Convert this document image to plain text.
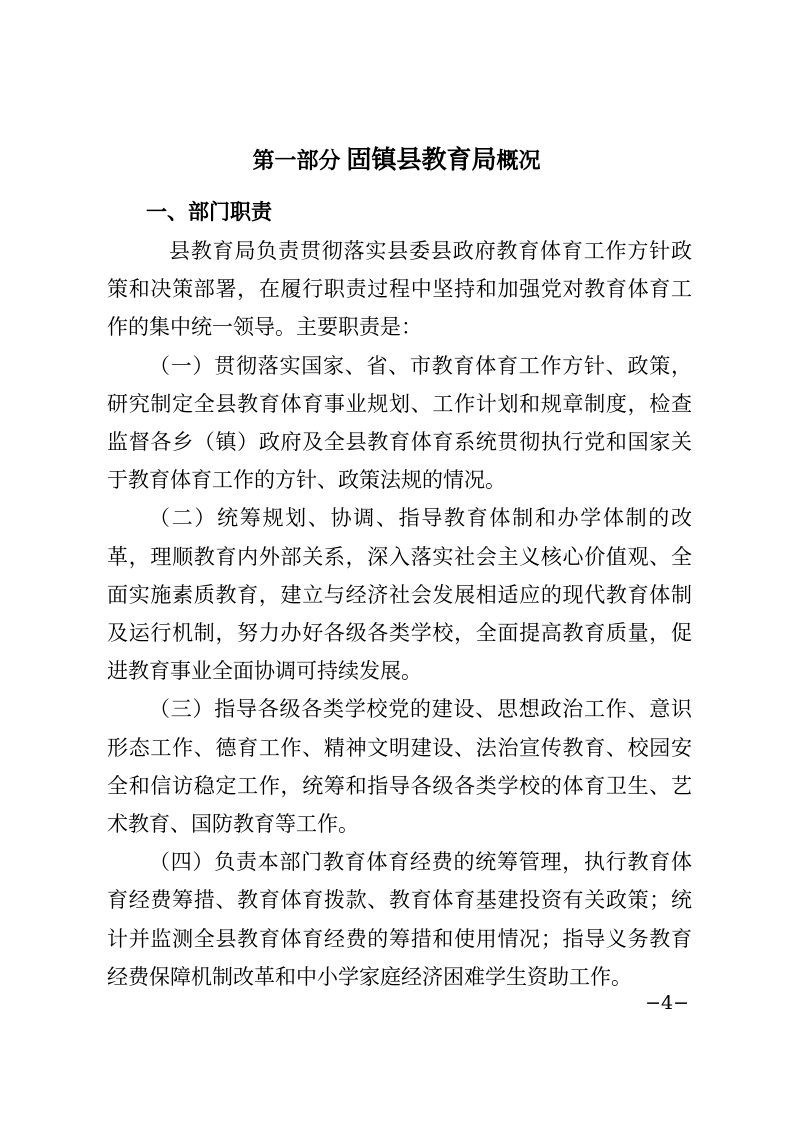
第一部分 固镇县教育局概况
一、部门职责

县教育局负责贯彻落实县委县政府教育体育工作方针政策和决策部署，在履行职责过程中坚持和加强党对教育体育工作的集中统一领导。主要职责是：

（一）贯彻落实国家、省、市教育体育工作方针、政策，研究制定全县教育体育事业规划、工作计划和规章制度，检查监督各乡（镇）政府及全县教育体育系统贯彻执行党和国家关于教育体育工作的方针、政策法规的情况。

（二）统筹规划、协调、指导教育体制和办学体制的改革，理顺教育内外部关系，深入落实社会主义核心价值观、全面实施素质教育，建立与经济社会发展相适应的现代教育体制及运行机制，努力办好各级各类学校，全面提高教育质量，促进教育事业全面协调可持续发展。

（三）指导各级各类学校党的建设、思想政治工作、意识形态工作、德育工作、精神文明建设、法治宣传教育、校园安全和信访稳定工作，统筹和指导各级各类学校的体育卫生、艺术教育、国防教育等工作。

（四）负责本部门教育体育经费的统筹管理，执行教育体育经费筹措、教育体育拨款、教育体育基建投资有关政策；统计并监测全县教育体育经费的筹措和使用情况；指导义务教育经费保障机制改革和中小学家庭经济困难学生资助工作。

−4−
